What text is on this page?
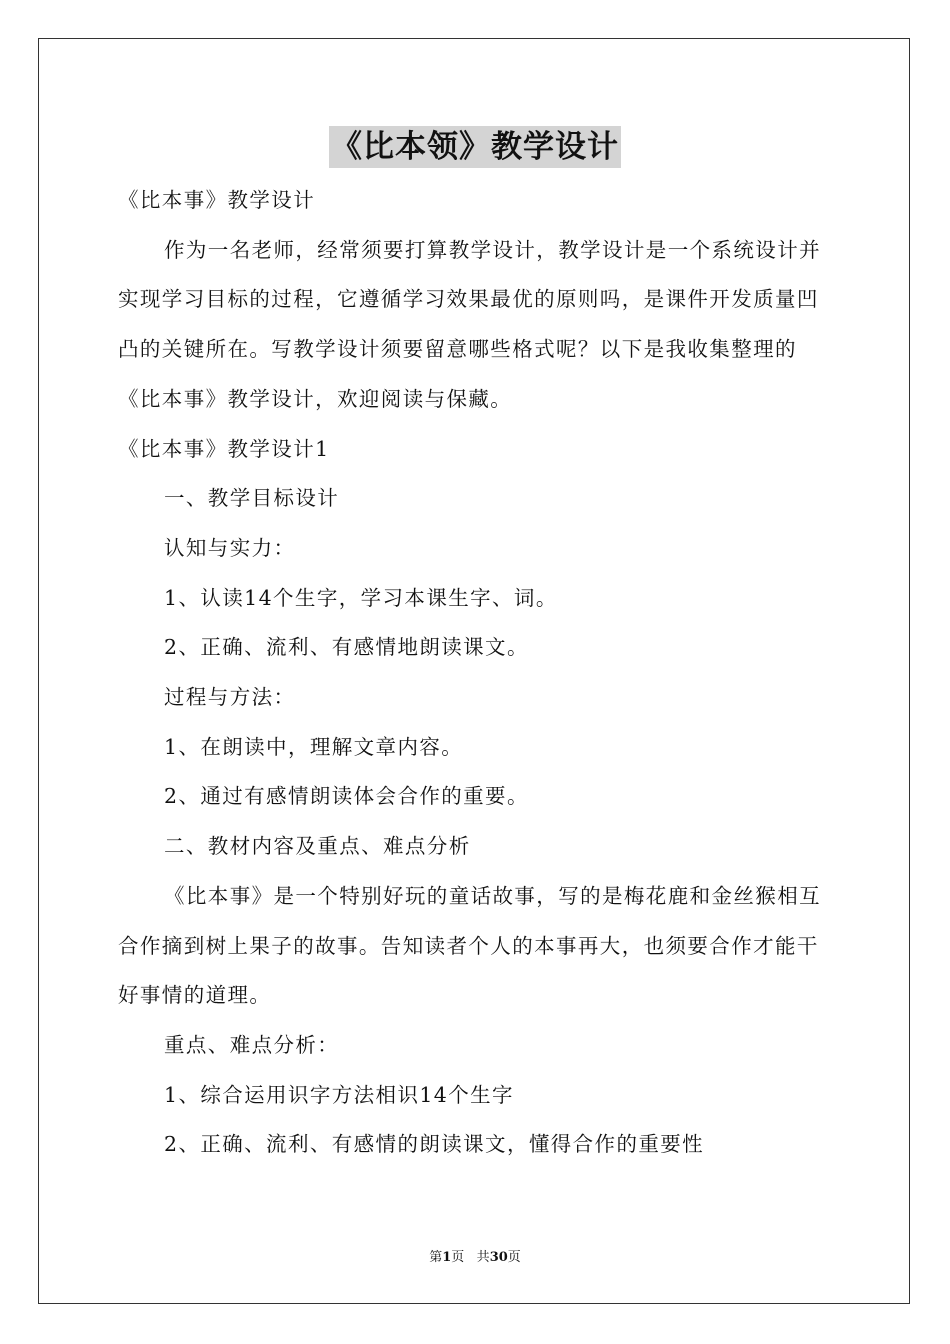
《比本领》教学设计

《比本事》教学设计

作为一名老师，经常须要打算教学设计，教学设计是一个系统设计并实现学习目标的过程，它遵循学习效果最优的原则吗，是课件开发质量凹凸的关键所在。写教学设计须要留意哪些格式呢？以下是我收集整理的《比本事》教学设计，欢迎阅读与保藏。

《比本事》教学设计1

一、教学目标设计

认知与实力：

1、认读14个生字，学习本课生字、词。

2、正确、流利、有感情地朗读课文。

过程与方法：

1、在朗读中，理解文章内容。

2、通过有感情朗读体会合作的重要。

二、教材内容及重点、难点分析

《比本事》是一个特别好玩的童话故事，写的是梅花鹿和金丝猴相互合作摘到树上果子的故事。告知读者个人的本事再大，也须要合作才能干好事情的道理。

重点、难点分析：

1、综合运用识字方法相识14个生字

2、正确、流利、有感情的朗读课文，懂得合作的重要性

第1页 共30页
